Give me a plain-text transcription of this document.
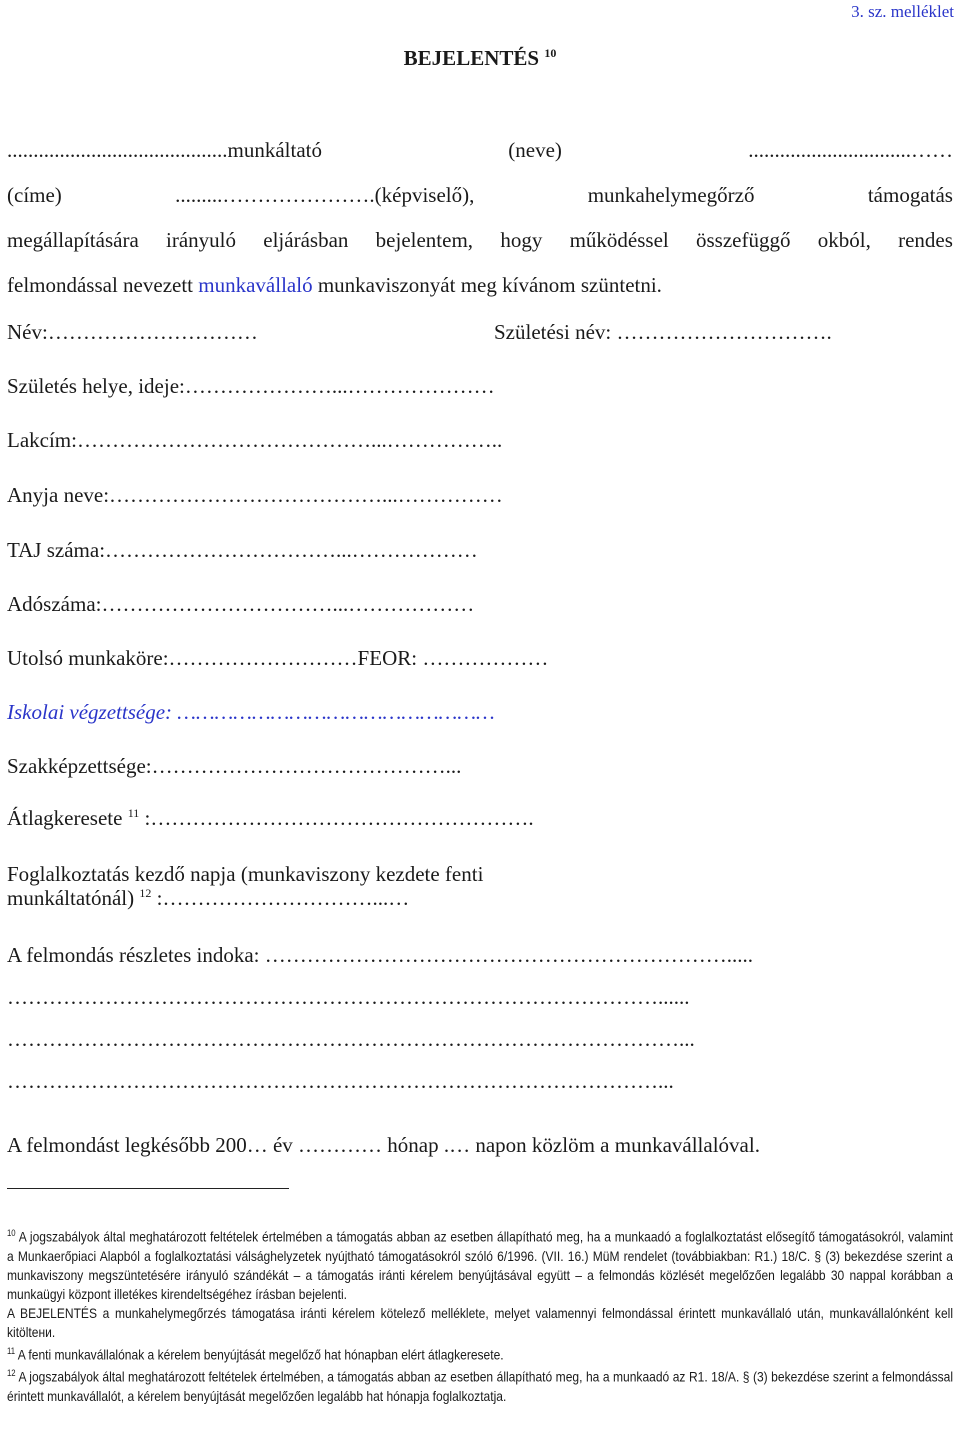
3. sz. melléklet
BEJELENTÉS $^{10}$
..........................................munkáltató	(neve)	...............................……
(címe)	.........………………….(képviselő),	munkahelymegőrző	támogatás
megállapítására irányuló eljárásban bejelentem, hogy működéssel összefüggő okból, rendes
felmondással nevezett munkavállaló munkaviszonyát meg kívánom szüntetni.
Név:…………………………	Születési név: ………………………….
Születés helye, ideje:…………………...…………………
Lakcím:……………………………………...……………..
Anyja neve:…………………………………...……………
TAJ száma:……………………………...………………
Adószáma:……………………………...………………
Utolsó munkaköre:………………………FEOR: ………………
Iskolai végzettsége: ……………………………………………
Szakképzettsége:……………………………………...
Átlagkeresete $^{11}$ :……………………………………………….
Foglalkoztatás kezdő napja (munkaviszony kezdete fenti
munkáltatónál) $^{12}$ :…………………………...…
A felmondás részletes indoka: ………………………………………………………….....
…………………………………………………………………………………......
……………………………………………………………………………………...
…………………………………………………………………………………...
A felmondást legkésőbb 200… év ………… hónap .… napon közlöm a munkavállalóval.

$^{10}$ A jogszabályok által meghatározott feltételek értelmében a támogatás abban az esetben állapítható meg, ha a munkaadó a foglalkoztatást elősegítő támogatásokról, valamint a Munkaerőpiaci Alapból a foglalkoztatási válsághelyzetek nyújtható támogatásokról szóló 6/1996. (VII. 16.) MüM rendelet (továbbiakban: R1.) 18/C. § (3) bekezdése szerint a munkaviszony megszüntetésére irányuló szándékát – a támogatás iránti kérelem benyújtásával együtt – a felmondás közlését megelőzően legalább 30 nappal korábban a munkaügyi központ illetékes kirendeltségéhez írásban bejelenti.

A BEJELENTÉS a munkahelymegőrzés támogatása iránti kérelem kötelező melléklete, melyet valamennyi felmondással érintett munkavállaló után, munkavállalónként kell kitöltени.

$^{11}$ A fenti munkavállalónak a kérelem benyújtását megelőző hat hónapban elért átlagkeresete.

$^{12}$ A jogszabályok által meghatározott feltételek értelmében, a támogatás abban az esetben állapítható meg, ha a munkaadó az R1. 18/A. § (3) bekezdése szerint a felmondással érintett munkavállalót, a kérelem benyújtását megelőzően legalább hat hónapja foglalkoztatja.
